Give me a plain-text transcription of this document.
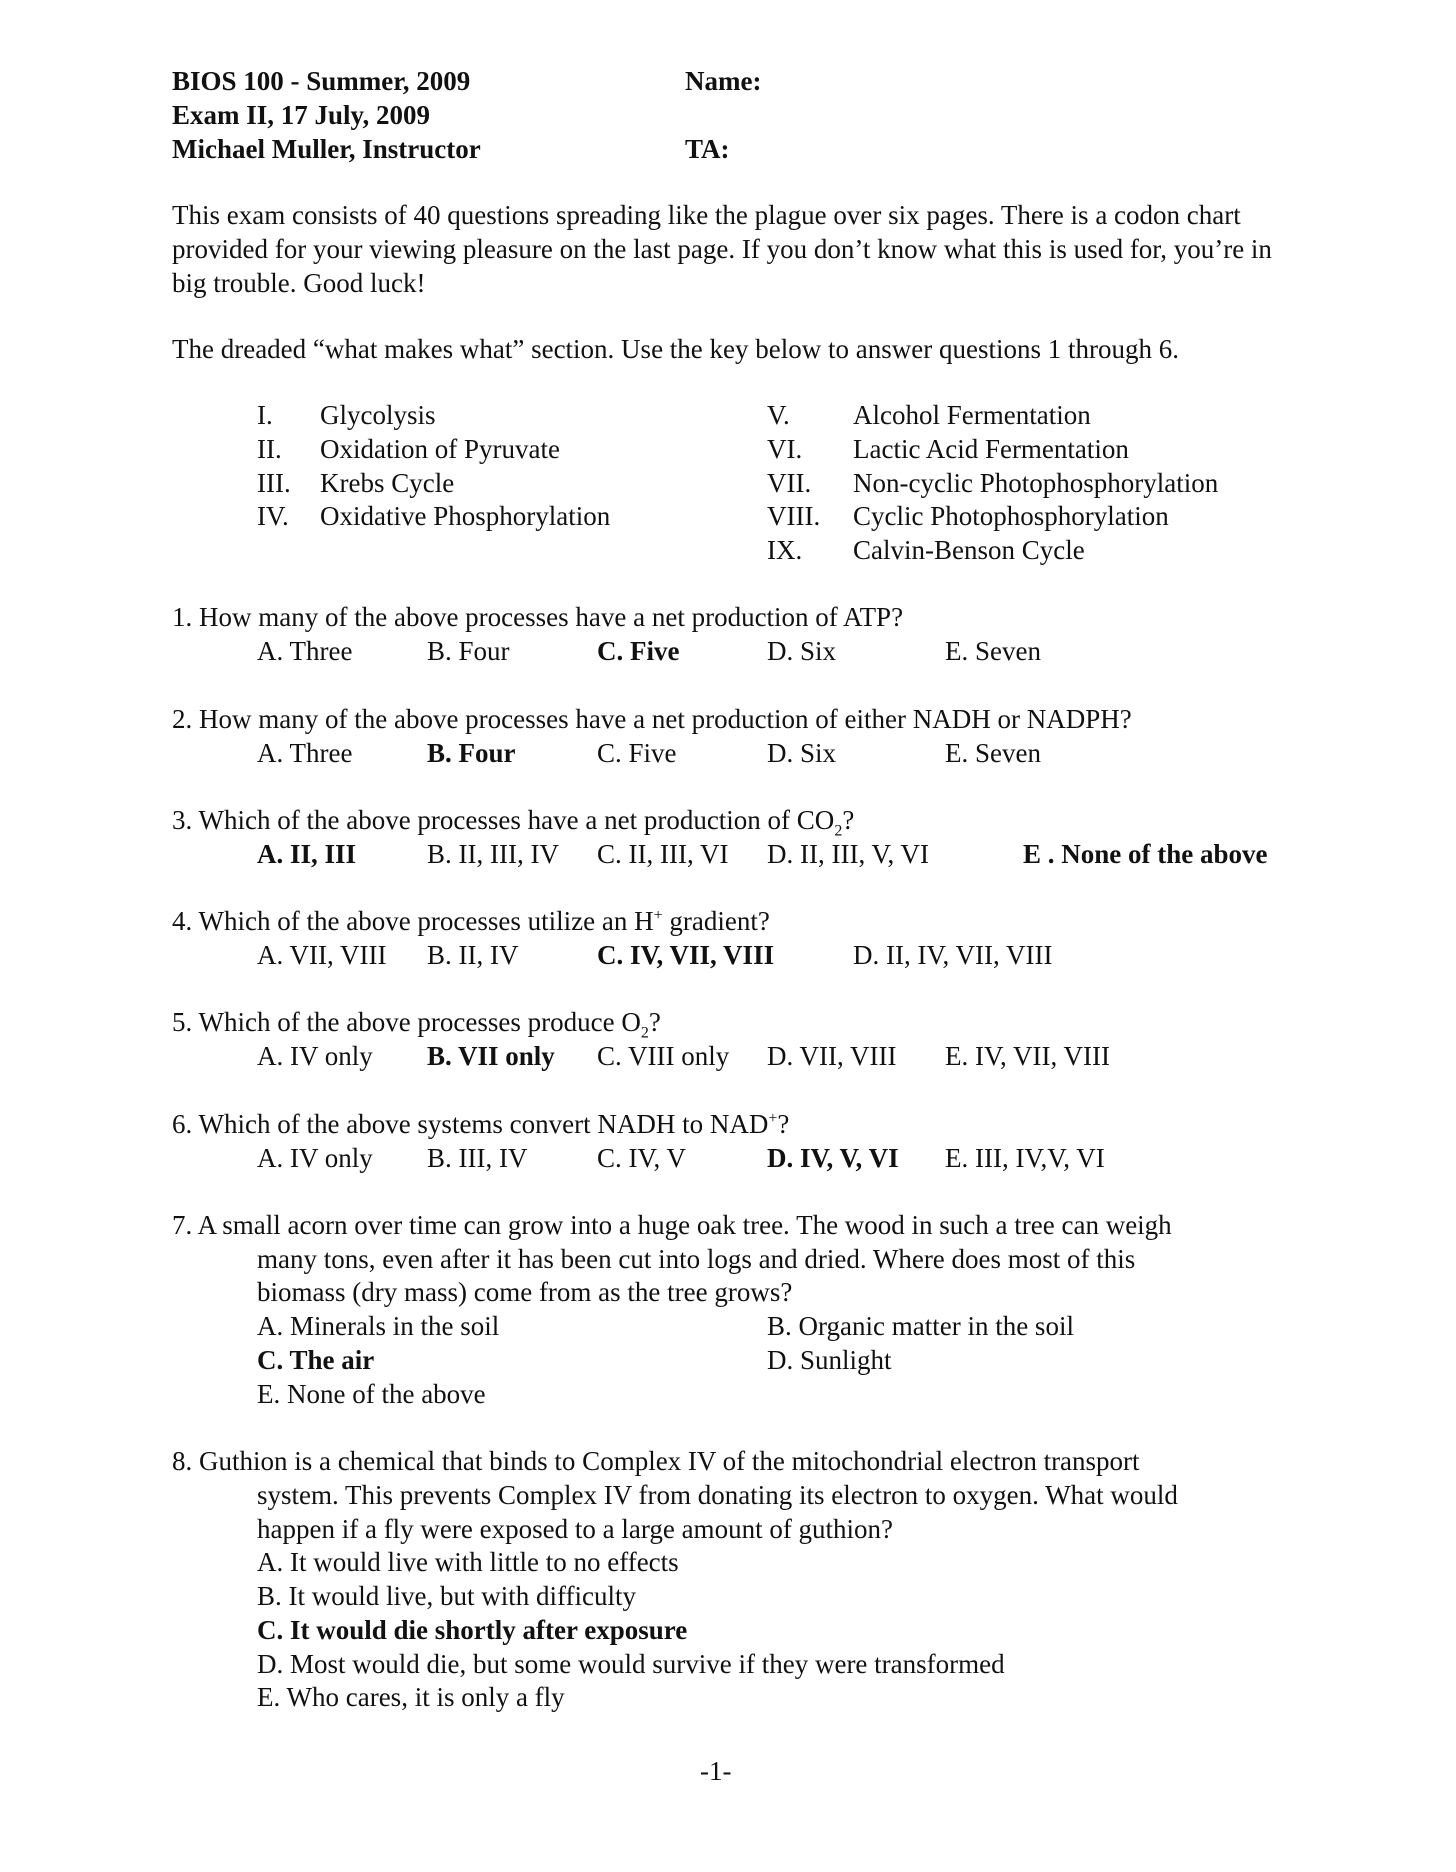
BIOS 100 - Summer, 2009
Exam II, 17 July, 2009
Michael Muller, Instructor
Name:
TA:
This exam consists of 40 questions spreading like the plague over six pages. There is a codon chart provided for your viewing pleasure on the last page. If you don’t know what this is used for, you’re in big trouble. Good luck!
The dreaded “what makes what” section. Use the key below to answer questions 1 through 6.
I. Glycolysis
II. Oxidation of Pyruvate
III. Krebs Cycle
IV. Oxidative Phosphorylation
V. Alcohol Fermentation
VI. Lactic Acid Fermentation
VII. Non-cyclic Photophosphorylation
VIII. Cyclic Photophosphorylation
IX. Calvin-Benson Cycle
1. How many of the above processes have a net production of ATP?
A. Three	B. Four	C. Five	D. Six	E. Seven
2. How many of the above processes have a net production of either NADH or NADPH?
A. Three	B. Four	C. Five	D. Six	E. Seven
3. Which of the above processes have a net production of $CO_2$?
A. II, III	B. II, III, IV C. II, III, VI D. II, III, V, VI	E . None of the above
4. Which of the above processes utilize an H+ gradient?
A. VII, VIII B. II, IV	C. IV, VII, VIII	D. II, IV, VII, VIII
5. Which of the above processes produce $O_2$?
A. IV only B. VII only C. VIII only D. VII, VIII E. IV, VII, VIII
6. Which of the above systems convert NADH to NAD+?
A. IV only B. III, IV	C. IV, V	D. IV, V, VI E. III, IV,V, VI
7. A small acorn over time can grow into a huge oak tree. The wood in such a tree can weigh
many tons, even after it has been cut into logs and dried. Where does most of this
biomass (dry mass) come from as the tree grows?
A. Minerals in the soil	B. Organic matter in the soil
C. The air	D. Sunlight
E. None of the above
8. Guthion is a chemical that binds to Complex IV of the mitochondrial electron transport
system. This prevents Complex IV from donating its electron to oxygen. What would
happen if a fly were exposed to a large amount of guthion?
A. It would live with little to no effects
B. It would live, but with difficulty
C. It would die shortly after exposure
D. Most would die, but some would survive if they were transformed
E. Who cares, it is only a fly
-1-
